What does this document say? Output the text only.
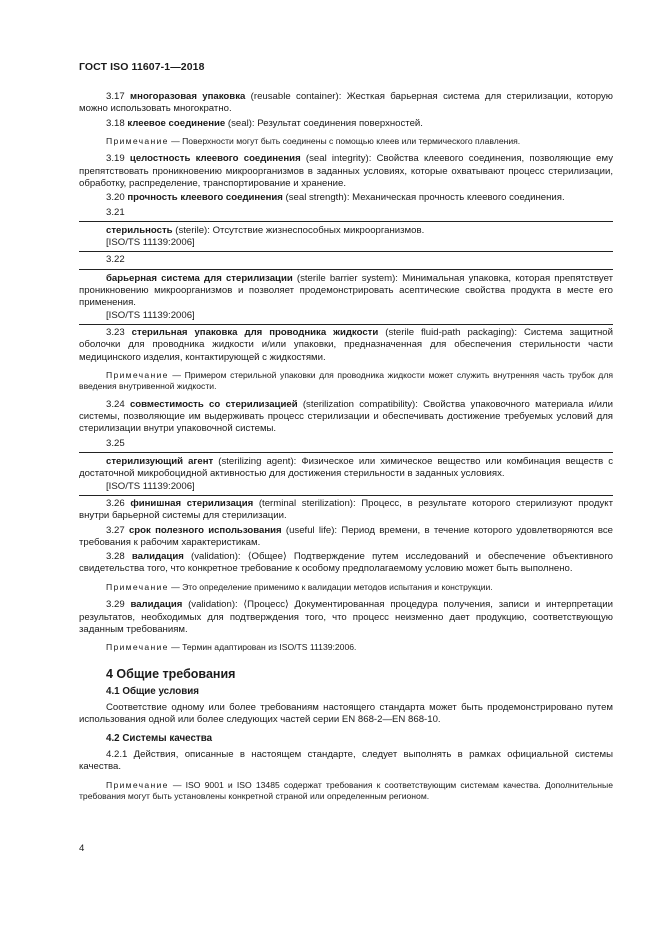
ГОСТ ISO 11607-1—2018

3.17 многоразовая упаковка (reusable container): Жесткая барьерная система для стерилизации, которую можно использовать многократно.

3.18 клеевое соединение (seal): Результат соединения поверхностей.

Примечание — Поверхности могут быть соединены с помощью клеев или термического плавления.

3.19 целостность клеевого соединения (seal integrity): Свойства клеевого соединения, позволяющие ему препятствовать проникновению микроорганизмов в заданных условиях, которые охватывают процесс стерилизации, обработку, распределение, транспортирование и хранение.

3.20 прочность клеевого соединения (seal strength): Механическая прочность клеевого соединения.

3.21

стерильность (sterile): Отсутствие жизнеспособных микроорганизмов.

[ISO/TS 11139:2006]

3.22

барьерная система для стерилизации (sterile barrier system): Минимальная упаковка, которая препятствует проникновению микроорганизмов и позволяет продемонстрировать асептические свойства продукта в месте его применения.

[ISO/TS 11139:2006]

3.23 стерильная упаковка для проводника жидкости (sterile fluid-path packaging): Система защитной оболочки для проводника жидкости и/или упаковки, предназначенная для обеспечения стерильности части медицинского изделия, контактирующей с жидкостями.

Примечание — Примером стерильной упаковки для проводника жидкости может служить внутренняя часть трубок для введения внутривенной жидкости.

3.24 совместимость со стерилизацией (sterilization compatibility): Свойства упаковочного материала и/или системы, позволяющие им выдерживать процесс стерилизации и обеспечивать достижение требуемых условий для стерилизации внутри упаковочной системы.

3.25

стерилизующий агент (sterilizing agent): Физическое или химическое вещество или комбинация веществ с достаточной микробоцидной активностью для достижения стерильности в заданных условиях.

[ISO/TS 11139:2006]

3.26 финишная стерилизация (terminal sterilization): Процесс, в результате которого стерилизуют продукт внутри барьерной системы для стерилизации.

3.27 срок полезного использования (useful life): Период времени, в течение которого удовлетворяются все требования к рабочим характеристикам.

3.28 валидация (validation): ⟨Общее⟩ Подтверждение путем исследований и обеспечение объективного свидетельства того, что конкретное требование к особому предполагаемому условию может быть выполнено.

Примечание — Это определение применимо к валидации методов испытания и конструкции.

3.29 валидация (validation): ⟨Процесс⟩ Документированная процедура получения, записи и интерпретации результатов, необходимых для подтверждения того, что процесс неизменно дает продукцию, соответствующую заданным требованиям.

Примечание — Термин адаптирован из ISO/TS 11139:2006.

4 Общие требования

4.1 Общие условия

Соответствие одному или более требованиям настоящего стандарта может быть продемонстрировано путем использования одной или более следующих частей серии EN 868-2—EN 868-10.

4.2 Системы качества

4.2.1 Действия, описанные в настоящем стандарте, следует выполнять в рамках официальной системы качества.

Примечание — ISO 9001 и ISO 13485 содержат требования к соответствующим системам качества. Дополнительные требования могут быть установлены конкретной страной или определенным регионом.

4
